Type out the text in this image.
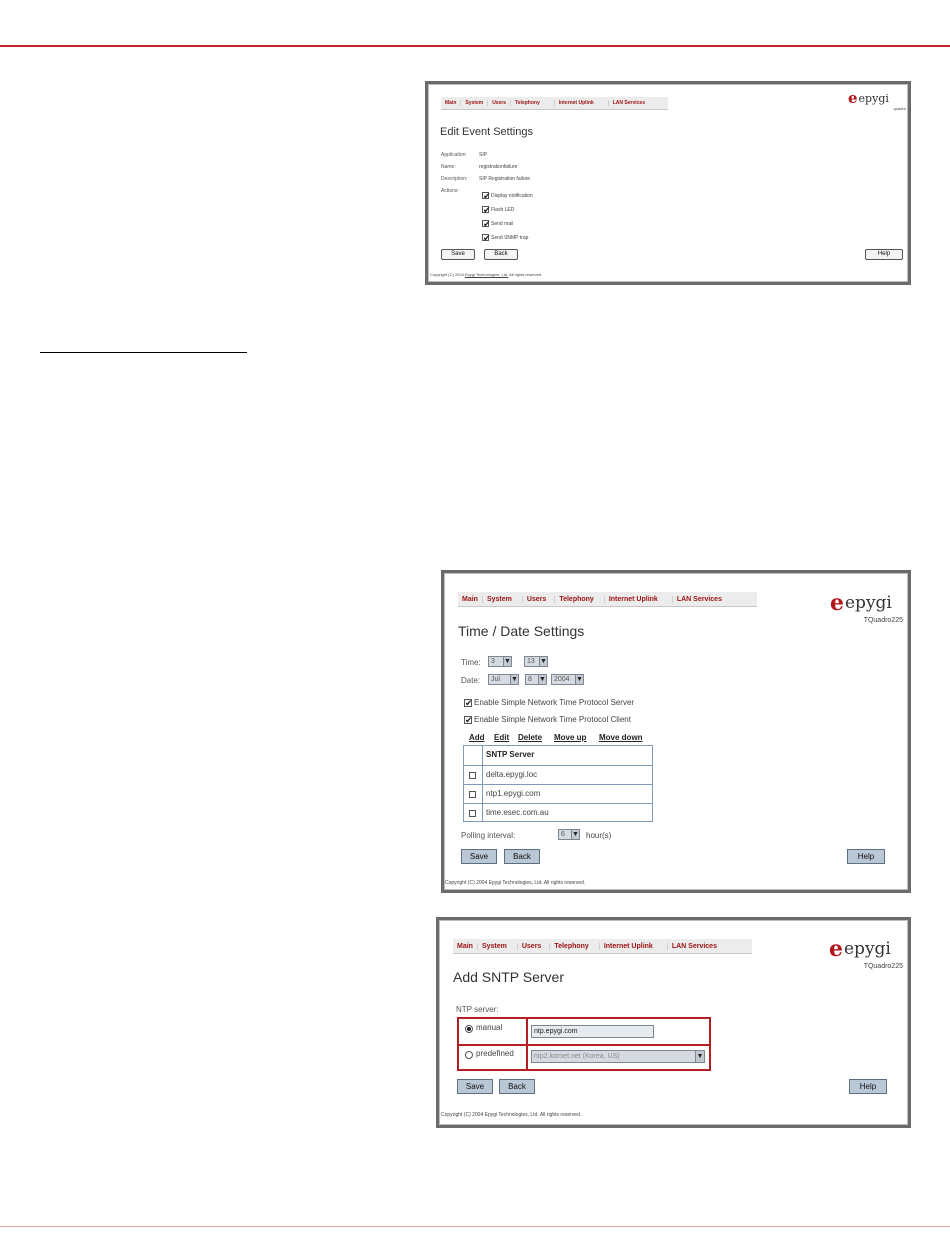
Main	System	Users	Telephony	Internet Uplink	LAN Services	e epygi
quadro
Edit Event Settings
Application: SIP
Name:	registrationfailure
Description: SIP Registration failure
Actions:
✔
Display notification
✔
Flash LED
✔
Send mail
✔
Send SNMP trap
Save	Back	Help
Copyright (C) 2004 Epygi Technologies, Ltd. All rights reserved.
Main	System	Users	Telephony	Internet Uplink	LAN Services	e epygi
TQuadro225
Time / Date Settings
Time:	3 ▼	13 ▼
Date:	Jul ▼	8 ▼	2004 ▼
✔
Enable Simple Network Time Protocol Server
✔
Enable Simple Network Time Protocol Client
Add Edit Delete Move up Move down
SNTP Server
delta.epygi.loc
ntp1.epygi.com
time.esec.com.au
Polling interval:	6 ▼ hour(s)
Save	Back	Help
Copyright (C) 2004 Epygi Technologies, Ltd. All rights reserved.
Main	System	Users	Telephony	Internet Uplink	LAN Services	e epygi
TQuadro225
Add SNTP Server
NTP server:
manual	ntp.epygi.com
predefined	ntp2.kornet.net (Korea, US)	▼
Save	Back	Help
Copyright (C) 2004 Epygi Technologies, Ltd. All rights reserved.
